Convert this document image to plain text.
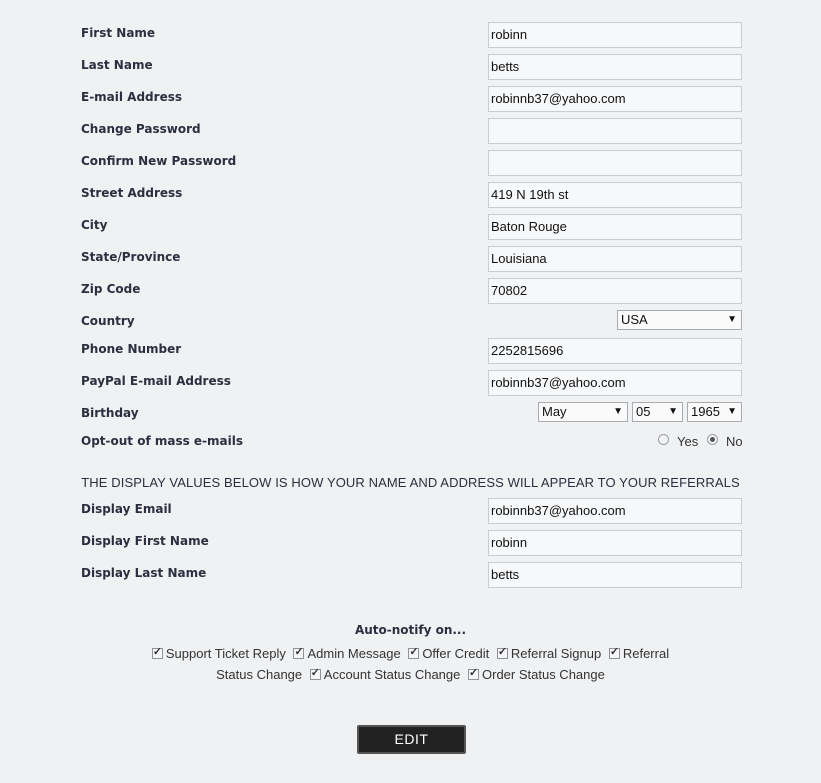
First Name	robinn
Last Name	betts
E-mail Address	robinnb37@yahoo.com
Change Password
Confirm New Password
Street Address	419 N 19th st
City	Baton Rouge
State/Province	Louisiana
Zip Code	70802
Country	USA	▼
Phone Number	2252815696
PayPal E-mail Address	robinnb37@yahoo.com
Birthday	May	▼	05 ▼	1965 ▼
Opt-out of mass e-mails	Yes No
THE DISPLAY VALUES BELOW IS HOW YOUR NAME AND ADDRESS WILL APPEAR TO YOUR REFERRALS
Display Email	robinnb37@yahoo.com
Display First Name	robinn
Display Last Name	betts
Auto-notify on...
✓Support Ticket Reply ✓ Admin Message ✓ Offer Credit ✓ Referral Signup ✓ Referral
Status Change ✓ Account Status Change ✓ Order Status Change
EDIT
